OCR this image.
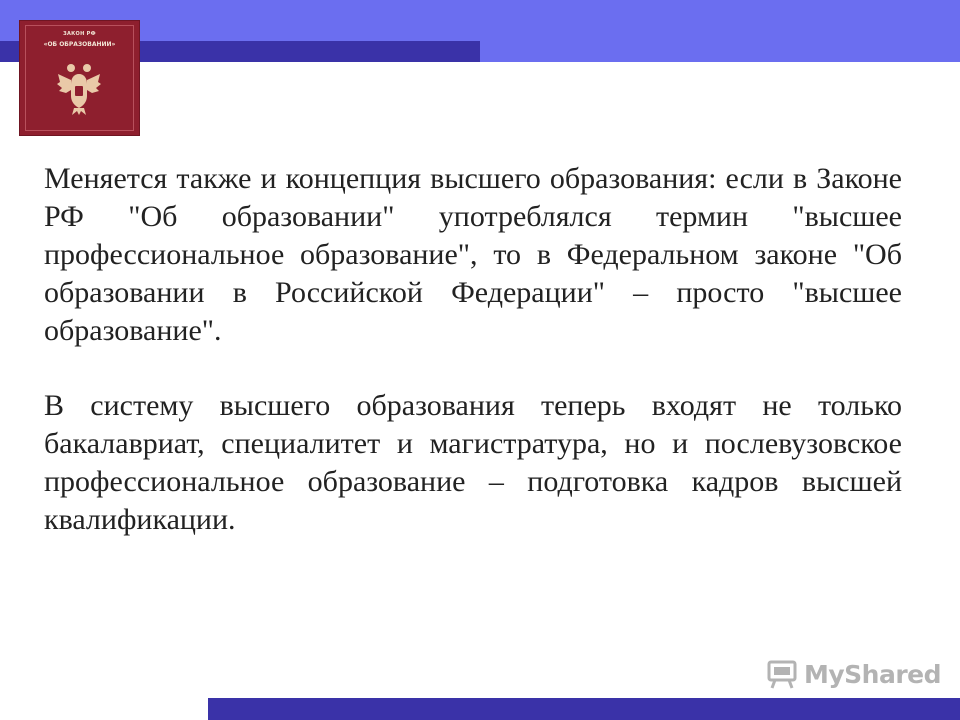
ЗАКОН РФ
«ОБ ОБРАЗОВАНИИ»

Меняется также и концепция высшего образования: если в Законе РФ "Об образовании" употреблялся термин "высшее профессиональное образование", то в Федеральном законе "Об образовании в Российской Федерации" – просто "высшее образование".

В систему высшего образования теперь входят не только бакалавриат, специалитет и магистратура, но и послевузовское профессиональное образование – подготовка кадров высшей квалификации.

MyShared
